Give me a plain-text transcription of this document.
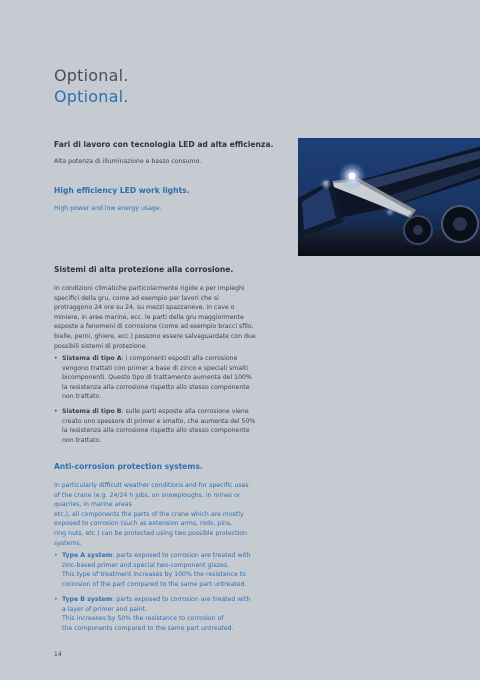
Optional.
Optional.
Fari di lavoro con tecnologia LED ad alta efficienza.
Alta potenza di illuminazione e basso consumo.
High efficiency LED work lights.
High power and low energy usage.
Sistemi di alta protezione alla corrosione.
In condizioni climatiche particolarmente rigide e per impieghi
specifici della gru, come ad esempio per lavori che si
protraggono 24 ore su 24, su mezzi spazzaneve, in cave o
miniere, in aree marine, ecc. le parti della gru maggiormente
esposte a fenomeni di corrosione (come ad esempio bracci sfilo,
bielle, perni, ghiere, ecc.) possono essere salvaguardate con due
possibili sistemi di protezione.
• Sistema di tipo A: i componenti esposti alla corrosione
vengono trattati con primer a base di zinco e speciali smalti
bicomponenti. Questo tipo di trattamento aumenta del 100%
la resistenza alla corrosione rispetto allo stesso componente
non trattato.
• Sistema di tipo B: sulle parti esposte alla corrosione viene
creato uno spessore di primer e smalto, che aumenta del 50%
la resistenza alla corrosione rispetto allo stesso componente
non trattato.
Anti-corrosion protection systems.
In particularly difficult weather conditions and for specific uses
of the crane (e.g. 24/24 h jobs, on snowploughs, in mines or
quarries, in marine areas
etc.), all components the parts of the crane which are mostly
exposed to corrosion (such as extension arms, rods, pins,
ring nuts, etc.) can be protected using two possible protection
systems.
• Type A system: parts exposed to corrosion are treated with
zinc-based primer and special two-component glazes.
This type of treatment increases by 100% the resistance to
corrosion of the part compared to the same part untreated.
• Type B system: parts exposed to corrosion are treated with
a layer of primer and paint.
This increases by 50% the resistance to corrosion of
the components compared to the same part untreated.
14
